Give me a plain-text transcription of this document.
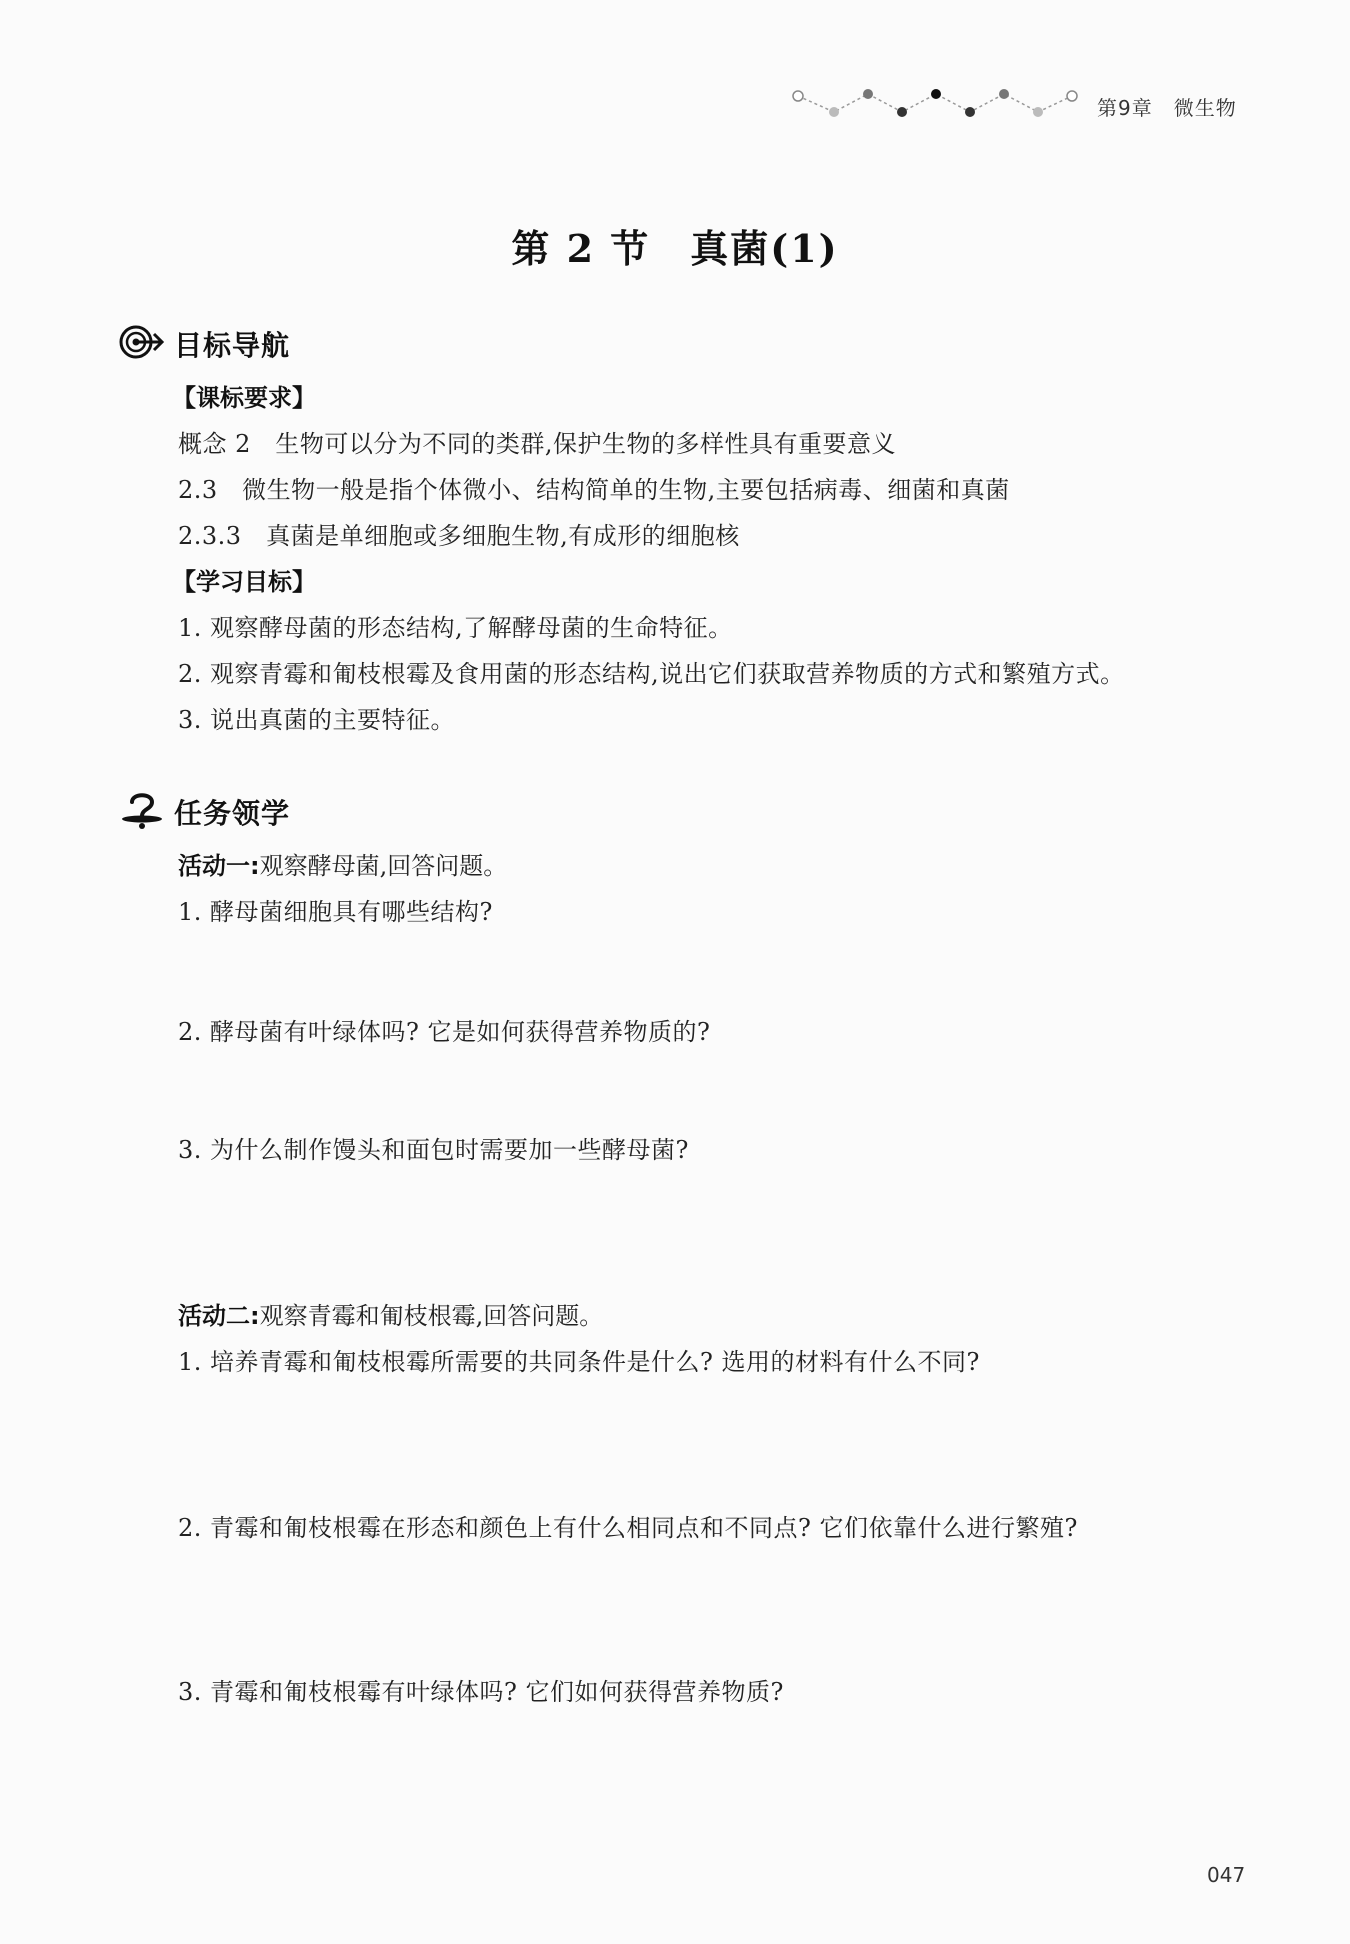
第9章　微生物
第 2 节　真菌(1)
目标导航
【课标要求】
概念 2　生物可以分为不同的类群,保护生物的多样性具有重要意义
2.3　微生物一般是指个体微小、结构简单的生物,主要包括病毒、细菌和真菌
2.3.3　真菌是单细胞或多细胞生物,有成形的细胞核
【学习目标】
1. 观察酵母菌的形态结构,了解酵母菌的生命特征。
2. 观察青霉和匍枝根霉及食用菌的形态结构,说出它们获取营养物质的方式和繁殖方式。
3. 说出真菌的主要特征。
任务领学
活动一:观察酵母菌,回答问题。
1. 酵母菌细胞具有哪些结构?
2. 酵母菌有叶绿体吗? 它是如何获得营养物质的?
3. 为什么制作馒头和面包时需要加一些酵母菌?
活动二:观察青霉和匍枝根霉,回答问题。
1. 培养青霉和匍枝根霉所需要的共同条件是什么? 选用的材料有什么不同?
2. 青霉和匍枝根霉在形态和颜色上有什么相同点和不同点? 它们依靠什么进行繁殖?
3. 青霉和匍枝根霉有叶绿体吗? 它们如何获得营养物质?
047
